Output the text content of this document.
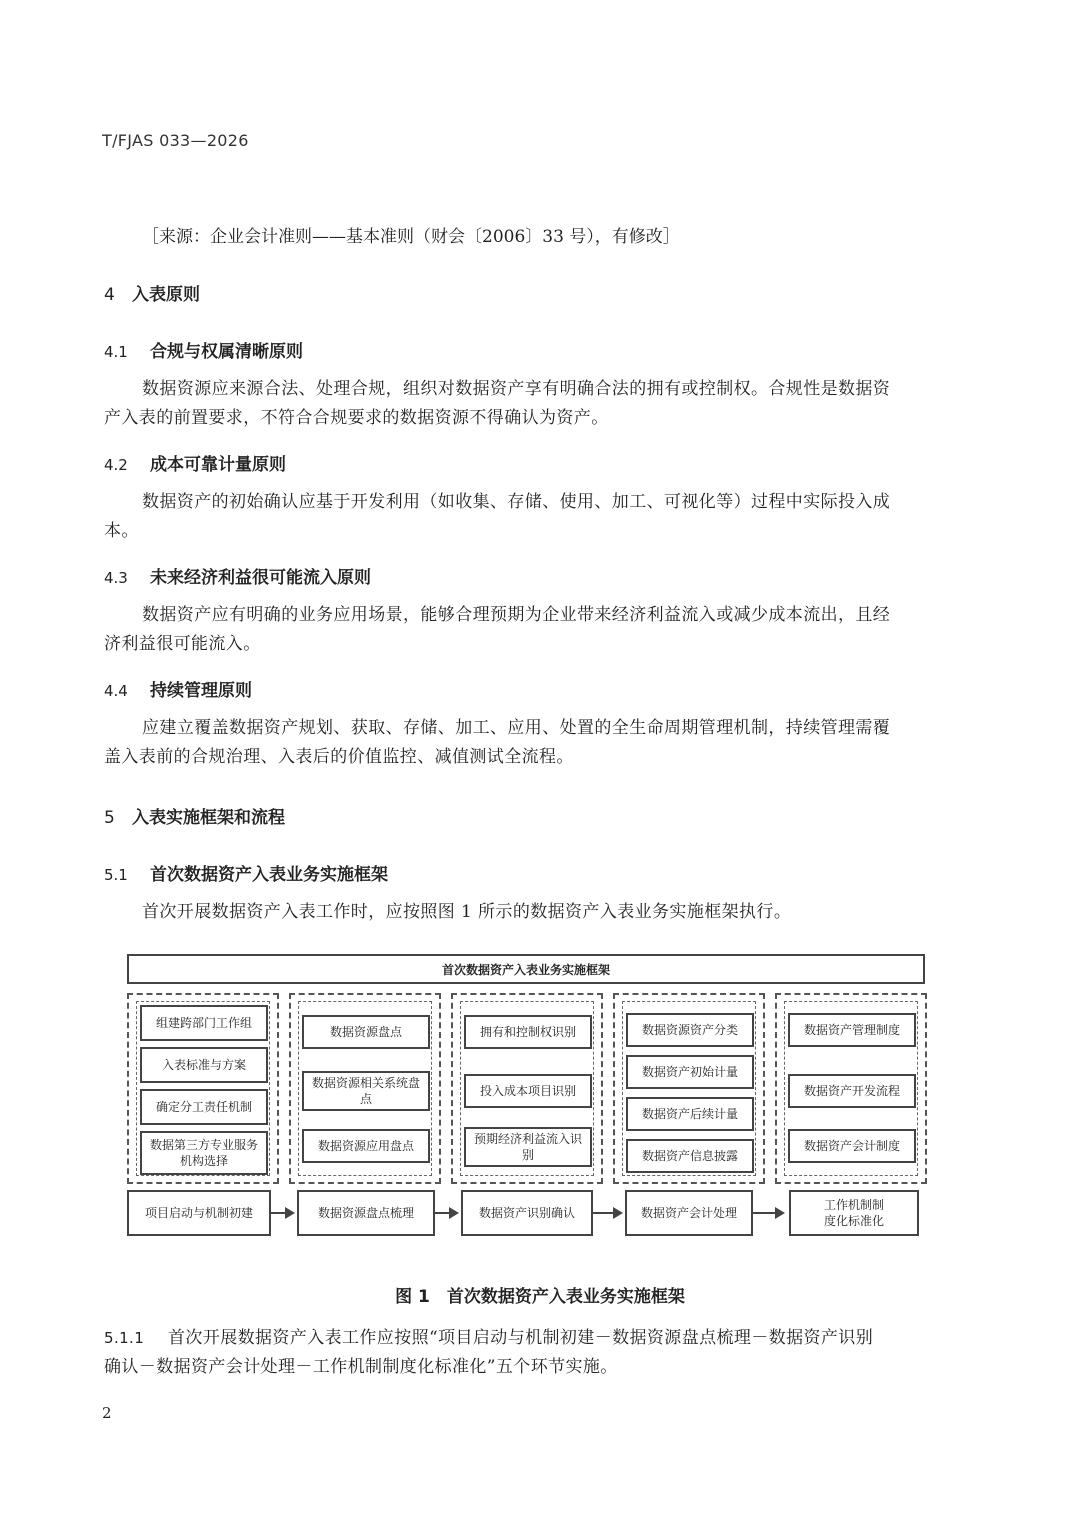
T/FJAS 033—2026
［来源：企业会计准则——基本准则（财会〔2006〕33 号），有修改］
4 入表原则
4.1 合规与权属清晰原则
数据资源应来源合法、处理合规，组织对数据资产享有明确合法的拥有或控制权。合规性是数据资
产入表的前置要求，不符合合规要求的数据资源不得确认为资产。
4.2 成本可靠计量原则
数据资产的初始确认应基于开发利用（如收集、存储、使用、加工、可视化等）过程中实际投入成
本。
4.3 未来经济利益很可能流入原则
数据资产应有明确的业务应用场景，能够合理预期为企业带来经济利益流入或减少成本流出，且经
济利益很可能流入。
4.4 持续管理原则
应建立覆盖数据资产规划、获取、存储、加工、应用、处置的全生命周期管理机制，持续管理需覆
盖入表前的合规治理、入表后的价值监控、减值测试全流程。
5 入表实施框架和流程
5.1 首次数据资产入表业务实施框架
首次开展数据资产入表工作时，应按照图 1 所示的数据资产入表业务实施框架执行。
首次数据资产入表业务实施框架
组建跨部门工作组
入表标准与方案
确定分工责任机制
数据第三方专业服务机构选择
数据资源盘点
数据资源相关系统盘点
数据资源应用盘点
拥有和控制权识别
投入成本项目识别
预期经济利益流入识别
数据资源资产分类
数据资产初始计量
数据资产后续计量
数据资产信息披露
数据资产管理制度
数据资产开发流程
数据资产会计制度
项目启动与机制初建	数据资源盘点梳理	数据资产识别确认	数据资产会计处理
工作机制制度化标准化
图 1　首次数据资产入表业务实施框架
5.1.1 首次开展数据资产入表工作应按照“项目启动与机制初建－数据资源盘点梳理－数据资产识别
确认－数据资产会计处理－工作机制制度化标准化”五个环节实施。
2
